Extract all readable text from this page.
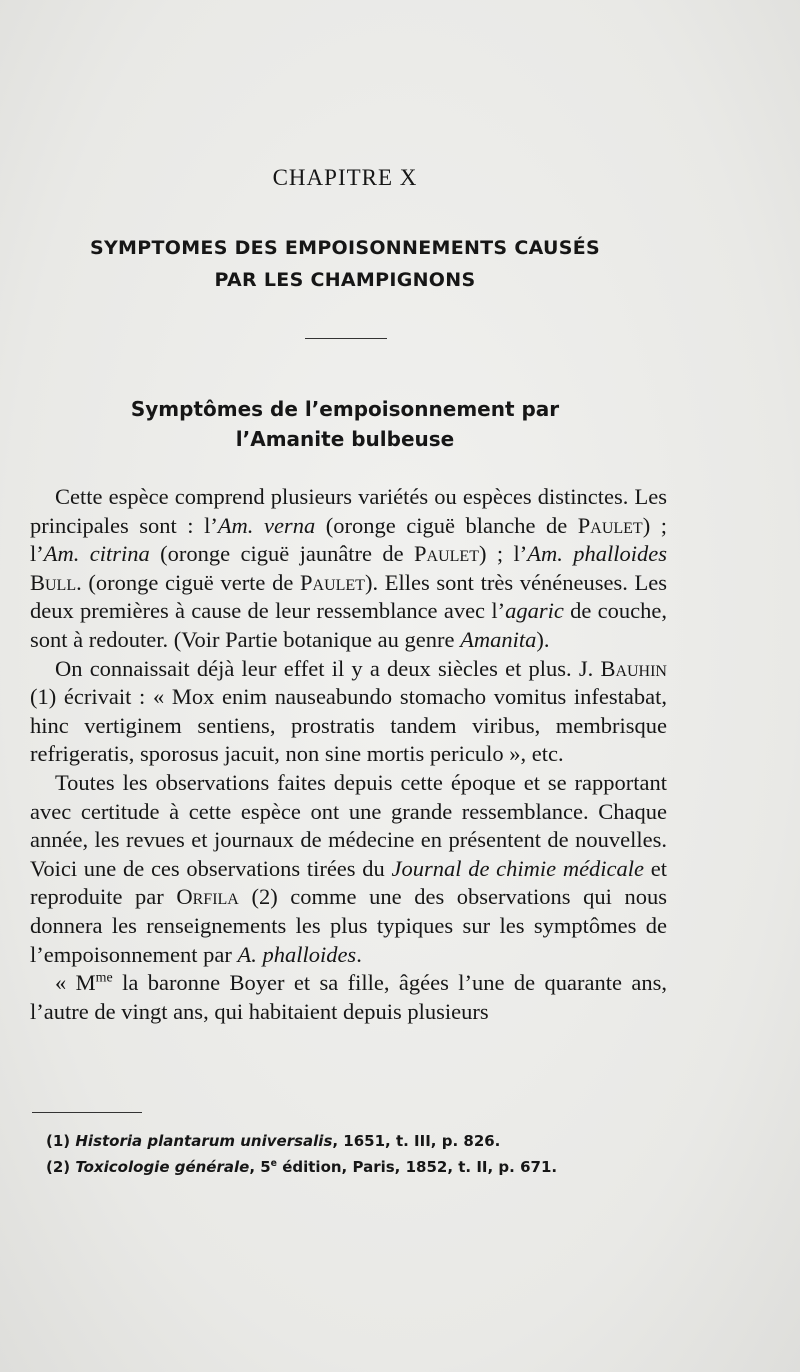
CHAPITRE X
SYMPTOMES DES EMPOISONNEMENTS CAUSÉS
PAR LES CHAMPIGNONS
Symptômes de l’empoisonnement par
l’Amanite bulbeuse

Cette espèce comprend plusieurs variétés ou espèces distinctes. Les principales sont : l’Am. verna (oronge ciguë blanche de Paulet) ; l’Am. citrina (oronge ciguë jaunâtre de Paulet) ; l’Am. phalloides Bull. (oronge ciguë verte de Paulet). Elles sont très vénéneuses. Les deux premières à cause de leur ressemblance avec l’agaric de couche, sont à redouter. (Voir Partie botanique au genre Amanita).

On connaissait déjà leur effet il y a deux siècles et plus. J. Bauhin (1) écrivait : « Mox enim nauseabundo stomacho vomitus infestabat, hinc vertiginem sentiens, prostratis tandem viribus, membrisque refrigeratis, sporosus jacuit, non sine mortis periculo », etc.

Toutes les observations faites depuis cette époque et se rapportant avec certitude à cette espèce ont une grande ressemblance. Chaque année, les revues et journaux de médecine en présentent de nouvelles. Voici une de ces observations tirées du Journal de chimie médicale et reproduite par Orfila (2) comme une des observations qui nous donnera les renseignements les plus typiques sur les symptômes de l’empoisonnement par A. phalloides.

« $M^{me}$ la baronne Boyer et sa fille, âgées l’une de quarante ans, l’autre de vingt ans, qui habitaient depuis plusieurs

(1) Historia plantarum universalis, 1651, t. III, p. 826.
(2) Toxicologie générale, 5e édition, Paris, 1852, t. II, p. 671.
